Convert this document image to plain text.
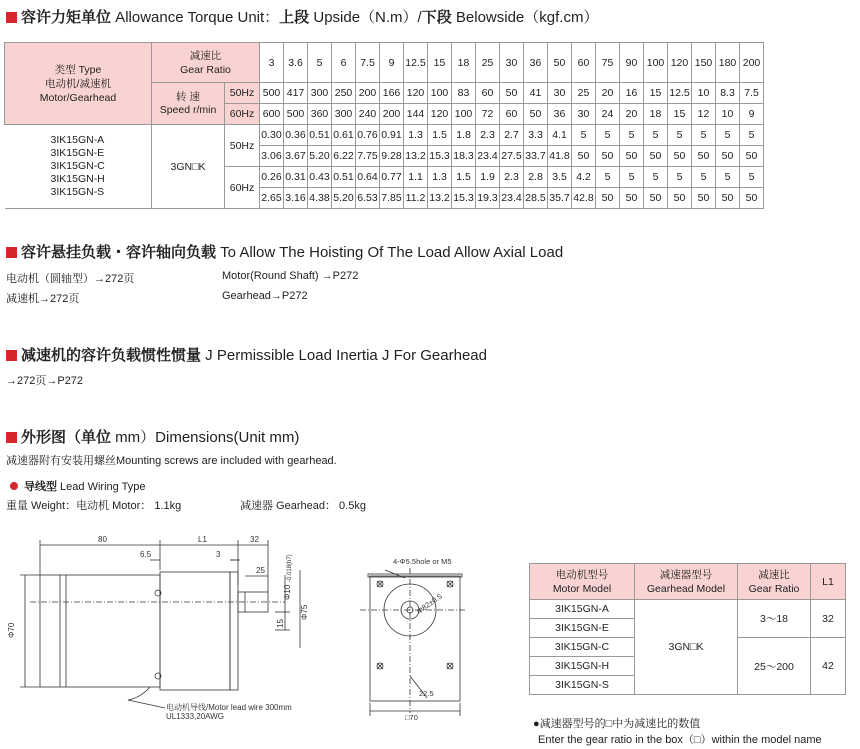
容许力矩单位 Allowance Torque Unit：上段 Upside（N.m）/下段 Belowside（kgf.cm）
类型 Type
电动机/减速机
Motor/Gearhead	减速比
Gear Ratio		3	3.6	5	6	7.5	9	12.5	15	18	25	30	36	50	60	75	90	100	120	150	180	200
	转 速
Speed r/min	50Hz	500	417	300	250	200	166	120	100	83	60	50	41	30	25	20	16	15	12.5	10	8.3	7.5
		60Hz	600	500	360	300	240	200	144	120	100	72	60	50	36	30	24	20	18	15	12	10	9
3IK15GN-A
3IK15GN-E
3IK15GN-C
3IK15GN-H
3IK15GN-S	3GN□K	50Hz	0.30	0.36	0.51	0.61	0.76	0.91	1.3	1.5	1.8	2.3	2.7	3.3	4.1	5	5	5	5	5	5	5	5
			3.06	3.67	5.20	6.22	7.75	9.28	13.2	15.3	18.3	23.4	27.5	33.7	41.8	50	50	50	50	50	50	50	50
		60Hz	0.26	0.31	0.43	0.51	0.64	0.77	1.1	1.3	1.5	1.9	2.3	2.8	3.5	4.2	5	5	5	5	5	5	5
			2.65	3.16	4.38	5.20	6.53	7.85	11.2	13.2	15.3	19.3	23.4	28.5	35.7	42.8	50	50	50	50	50	50	50
容许悬挂负载・容许轴向负载 To Allow The Hoisting Of The Load Allow Axial Load
电动机（圆轴型）→272页	Motor(Round Shaft) →P272
减速机→272页	Gearhead→P272
减速机的容许负载惯性惯量 J Permissible Load Inertia J For Gearhead
→272页→P272
外形图（单位 mm）Dimensions(Unit mm)
减速器附有安装用螺丝Mounting screws are included with gearhead.
导线型 Lead Wiring Type
重量 Weight：电动机 Motor： 1.1kg	减速器 Gearhead： 0.5kg
80
6.5
L1	32
3
25
Φ70
Φ10
-0.018(h7)
Φ75
15
电动机导线/Motor lead wire 300mm
UL1333,20AWG
4-Φ5.5hole or M5
Φ82±0.5
22.5
□70
电动机型号
Motor Model	减速器型号
Gearhead Model	减速比
Gear Ratio	L1
3IK15GN-A	3GN□K	3～18	32
3IK15GN-E			
3IK15GN-C		25～200	42
3IK15GN-H			
3IK15GN-S			
●减速器型号的□中为减速比的数值
Enter the gear ratio in the box（□）within the model name
